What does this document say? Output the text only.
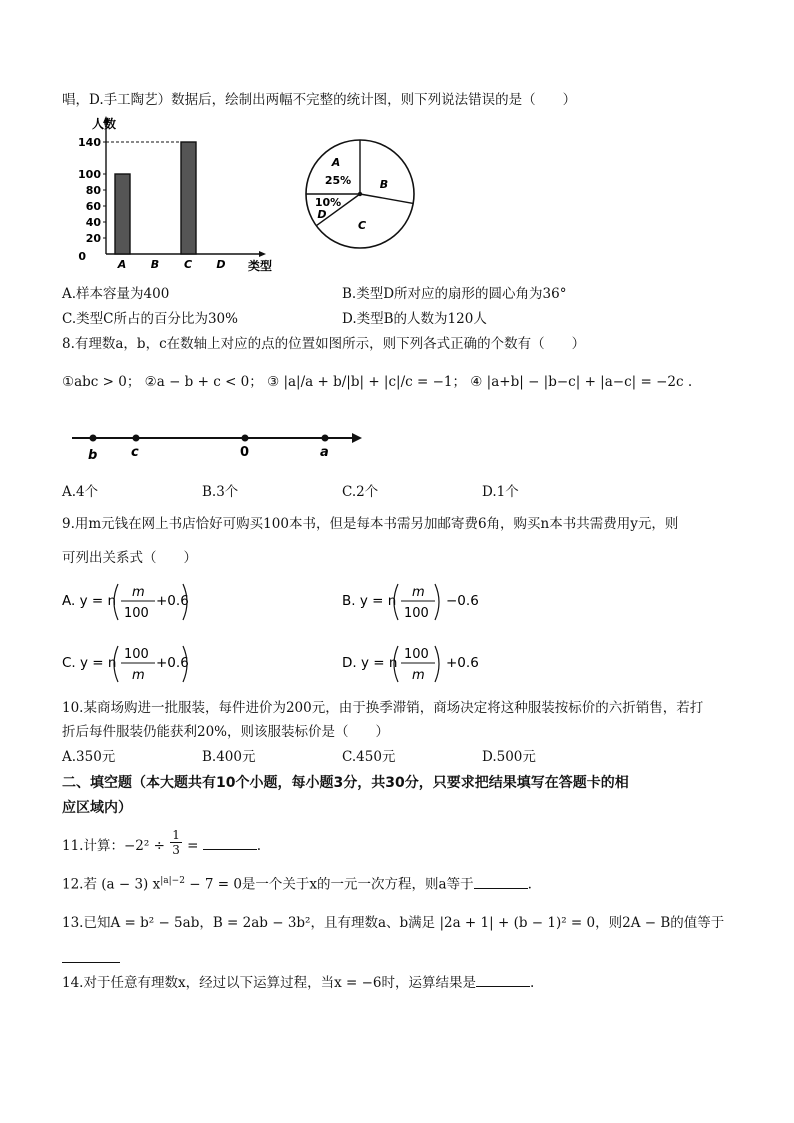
唱，D.手工陶艺）数据后，绘制出两幅不完整的统计图，则下列说法错误的是（　　）
人数
0
20
40
60
80
100
140
A B C D 类型
A
25%	B
C
10%
D
A.样本容量为400	B.类型D所对应的扇形的圆心角为36°
C.类型C所占的百分比为30%	D.类型B的人数为120人
8.有理数a，b，c在数轴上对应的点的位置如图所示，则下列各式正确的个数有（　　）
①abc > 0； ②a − b + c < 0； ③ |a|/a + b/|b| + |c|/c = −1； ④ |a+b| − |b−c| + |a−c| = −2c .
b	c	0	a
A.4个	B.3个	C.2个	D.1个
9.用m元钱在网上书店恰好可购买100本书，但是每本书需另加邮寄费6角，购买n本书共需费用y元，则
可列出关系式（　　）
A. y = n
m
100
+0.6	B. y = n
m
100
−0.6
C. y = n
100
m
+0.6	D. y = n
100
m
+0.6
10.某商场购进一批服装，每件进价为200元，由于换季滞销，商场决定将这种服装按标价的六折销售，若打
折后每件服装仍能获利20%，则该服装标价是（　　）
A.350元	B.400元	C.450元	D.500元
二、填空题（本大题共有10个小题，每小题3分，共30分，只要求把结果填写在答题卡的相
应区域内）
11.计算：$-2^2 \div \frac{1}{3}$ =	.
12.若 (a − 3) $x^{|a|-2} - 7 = 0$是一个关于x的一元一次方程，则a等于	.
13.已知A = b² − 5ab，B = 2ab − 3b²，且有理数a、b满足 |2a + 1| + (b − 1)² = 0，则2A − B的值等于
14.对于任意有理数x，经过以下运算过程，当x = −6时，运算结果是	.
